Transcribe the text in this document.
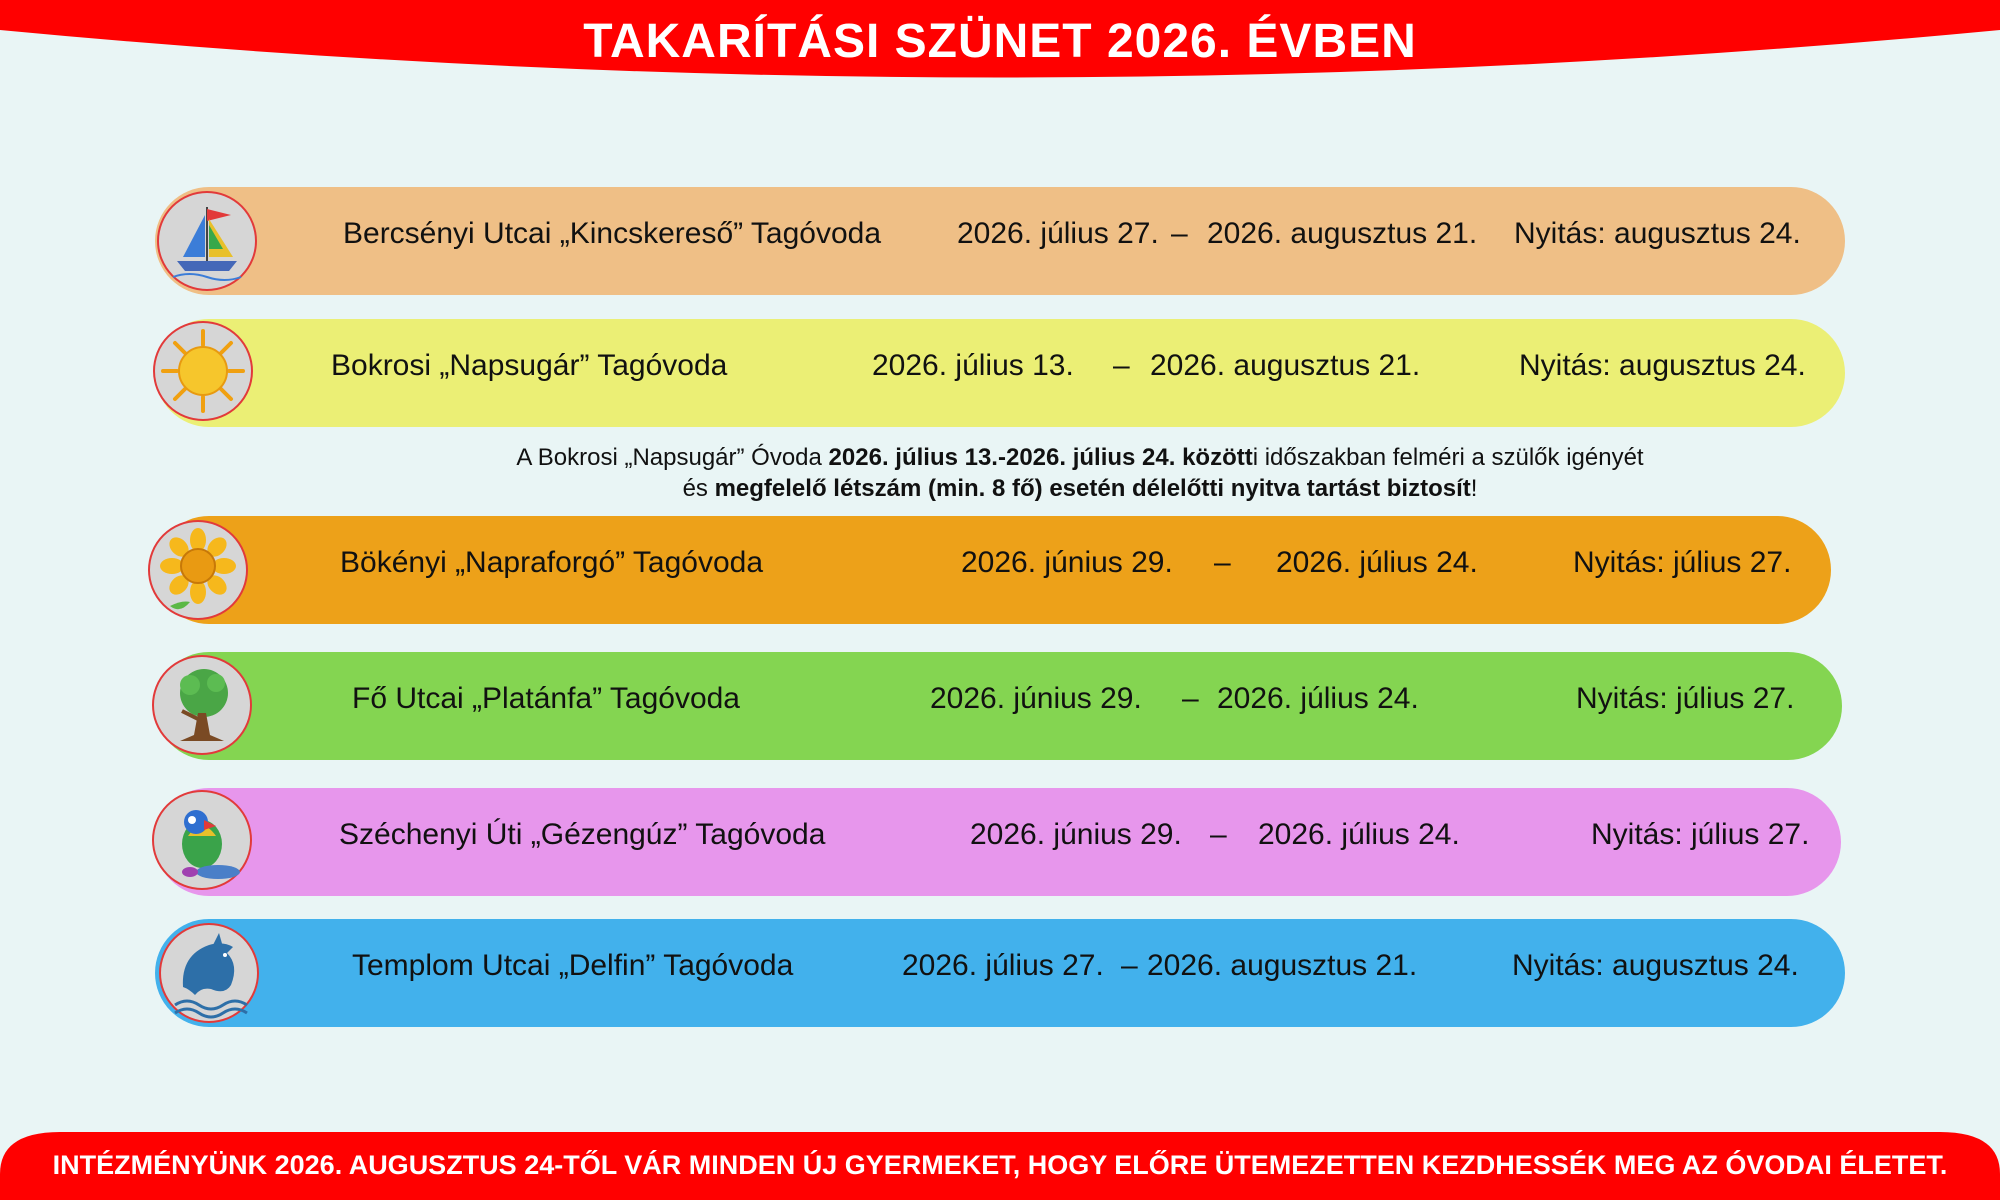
TAKARÍTÁSI SZÜNET 2026. ÉVBEN
Bercsényi Utcai „Kincskereső” Tagóvoda	2026. július 27. – 2026. augusztus 21. Nyitás: augusztus 24.
Bokrosi „Napsugár” Tagóvoda	2026. július 13. – 2026. augusztus 21.	Nyitás: augusztus 24.
A Bokrosi „Napsugár” Óvoda 2026. július 13.-2026. július 24. közötti időszakban felméri a szülők igényét
és megfelelő létszám (min. 8 fő) esetén délelőtti nyitva tartást biztosít!
Bökényi „Napraforgó” Tagóvoda	2026. június 29. – 2026. július 24.	Nyitás: július 27.
Fő Utcai „Platánfa” Tagóvoda	2026. június 29. – 2026. július 24.	Nyitás: július 27.
Széchenyi Úti „Gézengúz” Tagóvoda	2026. június 29. – 2026. július 24.	Nyitás: július 27.
Templom Utcai „Delfin” Tagóvoda	2026. július 27. – 2026. augusztus 21.	Nyitás: augusztus 24.
INTÉZMÉNYÜNK 2026. AUGUSZTUS 24-TŐL VÁR MINDEN ÚJ GYERMEKET, HOGY ELŐRE ÜTEMEZETTEN KEZDHESSÉK MEG AZ ÓVODAI ÉLETET.
